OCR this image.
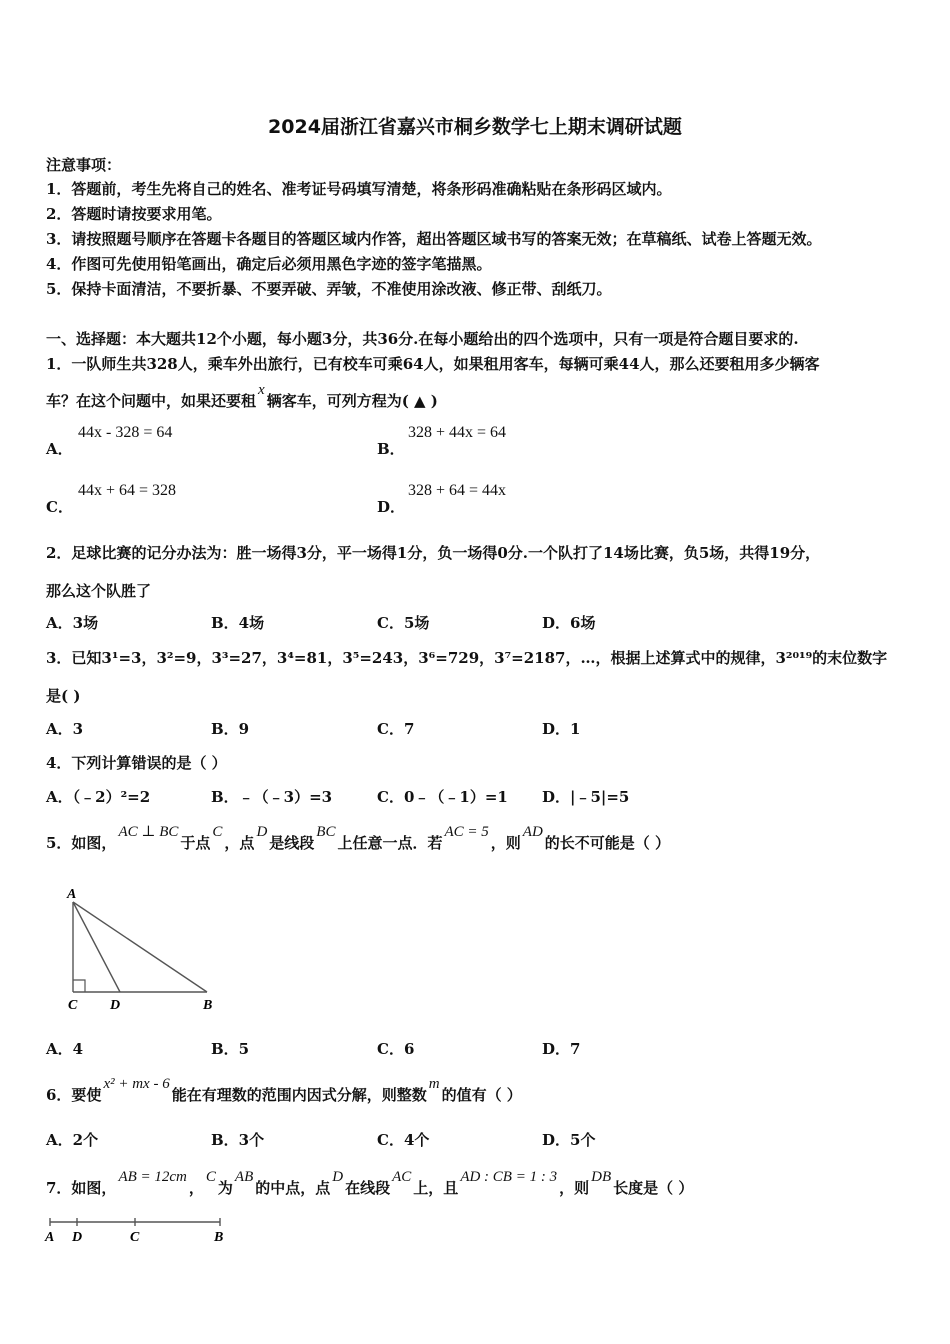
2024届浙江省嘉兴市桐乡数学七上期末调研试题
注意事项：
1．答题前，考生先将自己的姓名、准考证号码填写清楚，将条形码准确粘贴在条形码区域内。
2．答题时请按要求用笔。
3．请按照题号顺序在答题卡各题目的答题区域内作答，超出答题区域书写的答案无效；在草稿纸、试卷上答题无效。
4．作图可先使用铅笔画出，确定后必须用黑色字迹的签字笔描黑。
5．保持卡面清洁，不要折暴、不要弄破、弄皱，不准使用涂改液、修正带、刮纸刀。
一、选择题：本大题共12个小题，每小题3分，共36分.在每小题给出的四个选项中，只有一项是符合题目要求的.
1．一队师生共328人，乘车外出旅行，已有校车可乘64人，如果租用客车，每辆可乘44人，那么还要租用多少辆客
车？在这个问题中，如果还要租x辆客车，可列方程为( ▲ )
A．
44x - 328 = 64
B．
328 + 44x = 64
C．
44x + 64 = 328
D．
328 + 64 = 44x
2．足球比赛的记分办法为：胜一场得3分，平一场得1分，负一场得0分.一个队打了14场比赛，负5场，共得19分，
那么这个队胜了
A．3场	B．4场	C．5场	D．6场
3．已知3¹=3，3²=9，3³=27，3⁴=81，3⁵=243，3⁶=729，3⁷=2187，…，根据上述算式中的规律，3²⁰¹⁹的末位数字
是( )
A．3	B．9	C．7	D．1
4．下列计算错误的是（ ）
A．（﹣2）²=2	B．﹣（﹣3）=3	C．0﹣（﹣1）=1 D．|﹣5|=5
5．如图，AC ⊥ BC于点C，点D是线段BC上任意一点．若AC = 5，则AD的长不可能是（ ）
A
C D	B
A．4	B．5	C．6	D．7
6．要使x² + mx - 6能在有理数的范围内因式分解，则整数m的值有（ ）
A．2个	B．3个	C．4个	D．5个
7．如图，AB = 12cm，C为AB的中点，点D在线段AC上，且AD : CB = 1 : 3，则DB长度是（ ）
A D	C	B
